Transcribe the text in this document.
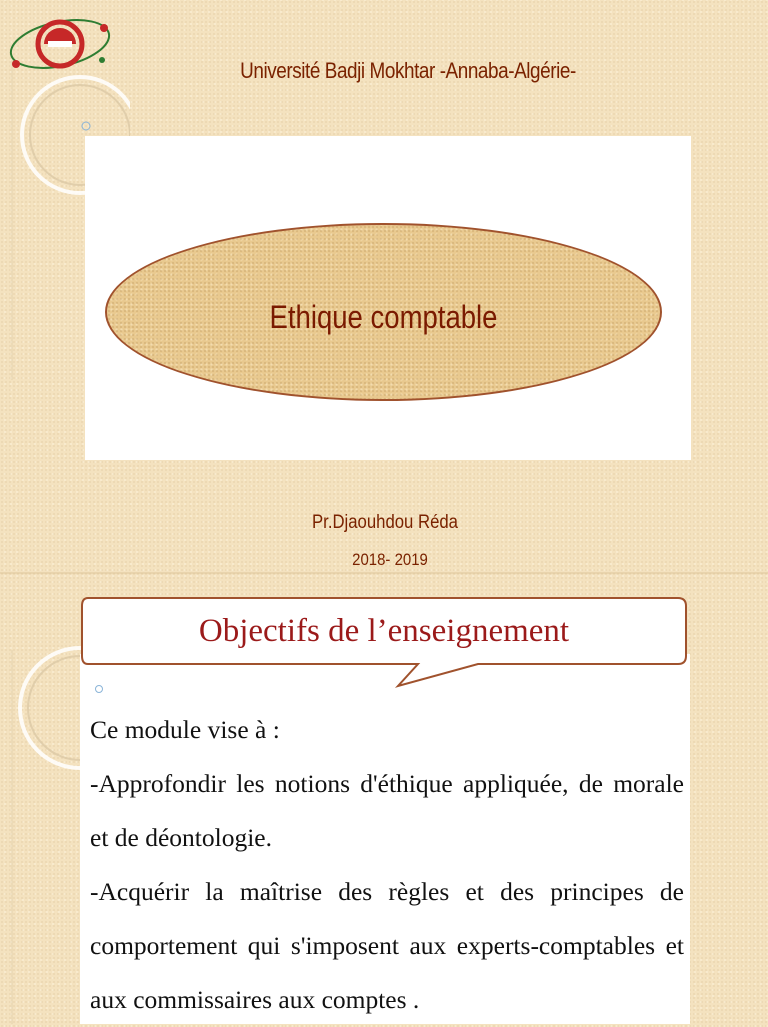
Université Badji Mokhtar -Annaba-Algérie-
Ethique comptable
Pr.Djaouhdou Réda
2018- 2019
Objectifs de l’enseignement

Ce module vise à :

-Approfondir les notions d'éthique appliquée, de morale et de déontologie.

-Acquérir la maîtrise des règles et des principes de comportement qui s'imposent aux experts-comptables et aux commissaires aux comptes .
